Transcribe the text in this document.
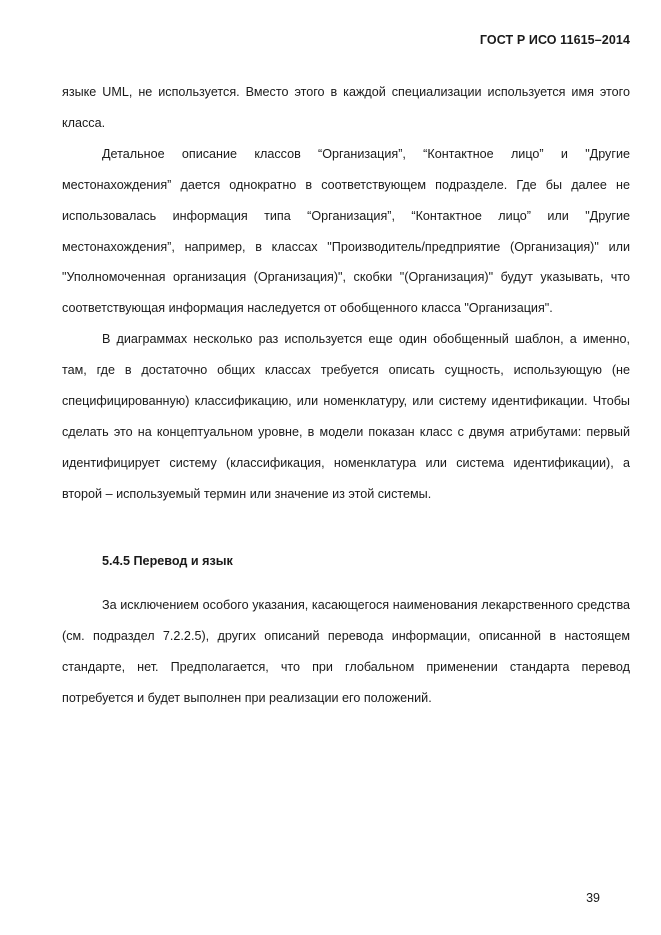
ГОСТ Р ИСО 11615–2014

языке UML, не используется. Вместо этого в каждой специализации используется имя этого класса.

Детальное описание классов “Организация”, “Контактное лицо” и "Другие местонахождения” дается однократно в соответствующем подразделе. Где бы далее не использовалась информация типа “Организация”, “Контактное лицо” или "Другие местонахождения”, например, в классах "Производитель/предприятие (Организация)" или "Уполномоченная организация (Организация)", скобки "(Организация)" будут указывать, что соответствующая информация наследуется от обобщенного класса "Организация".

В диаграммах несколько раз используется еще один обобщенный шаблон, а именно, там, где в достаточно общих классах требуется описать сущность, использующую (не специфицированную) классификацию, или номенклатуру, или систему идентификации. Чтобы сделать это на концептуальном уровне, в модели показан класс с двумя атрибутами: первый идентифицирует систему (классификация, номенклатура или система идентификации), а второй – используемый термин или значение из этой системы.

5.4.5 Перевод и язык

За исключением особого указания, касающегося наименования лекарственного средства (см. подраздел 7.2.2.5), других описаний перевода информации, описанной в настоящем стандарте, нет. Предполагается, что при глобальном применении стандарта перевод потребуется и будет выполнен при реализации его положений.

39
